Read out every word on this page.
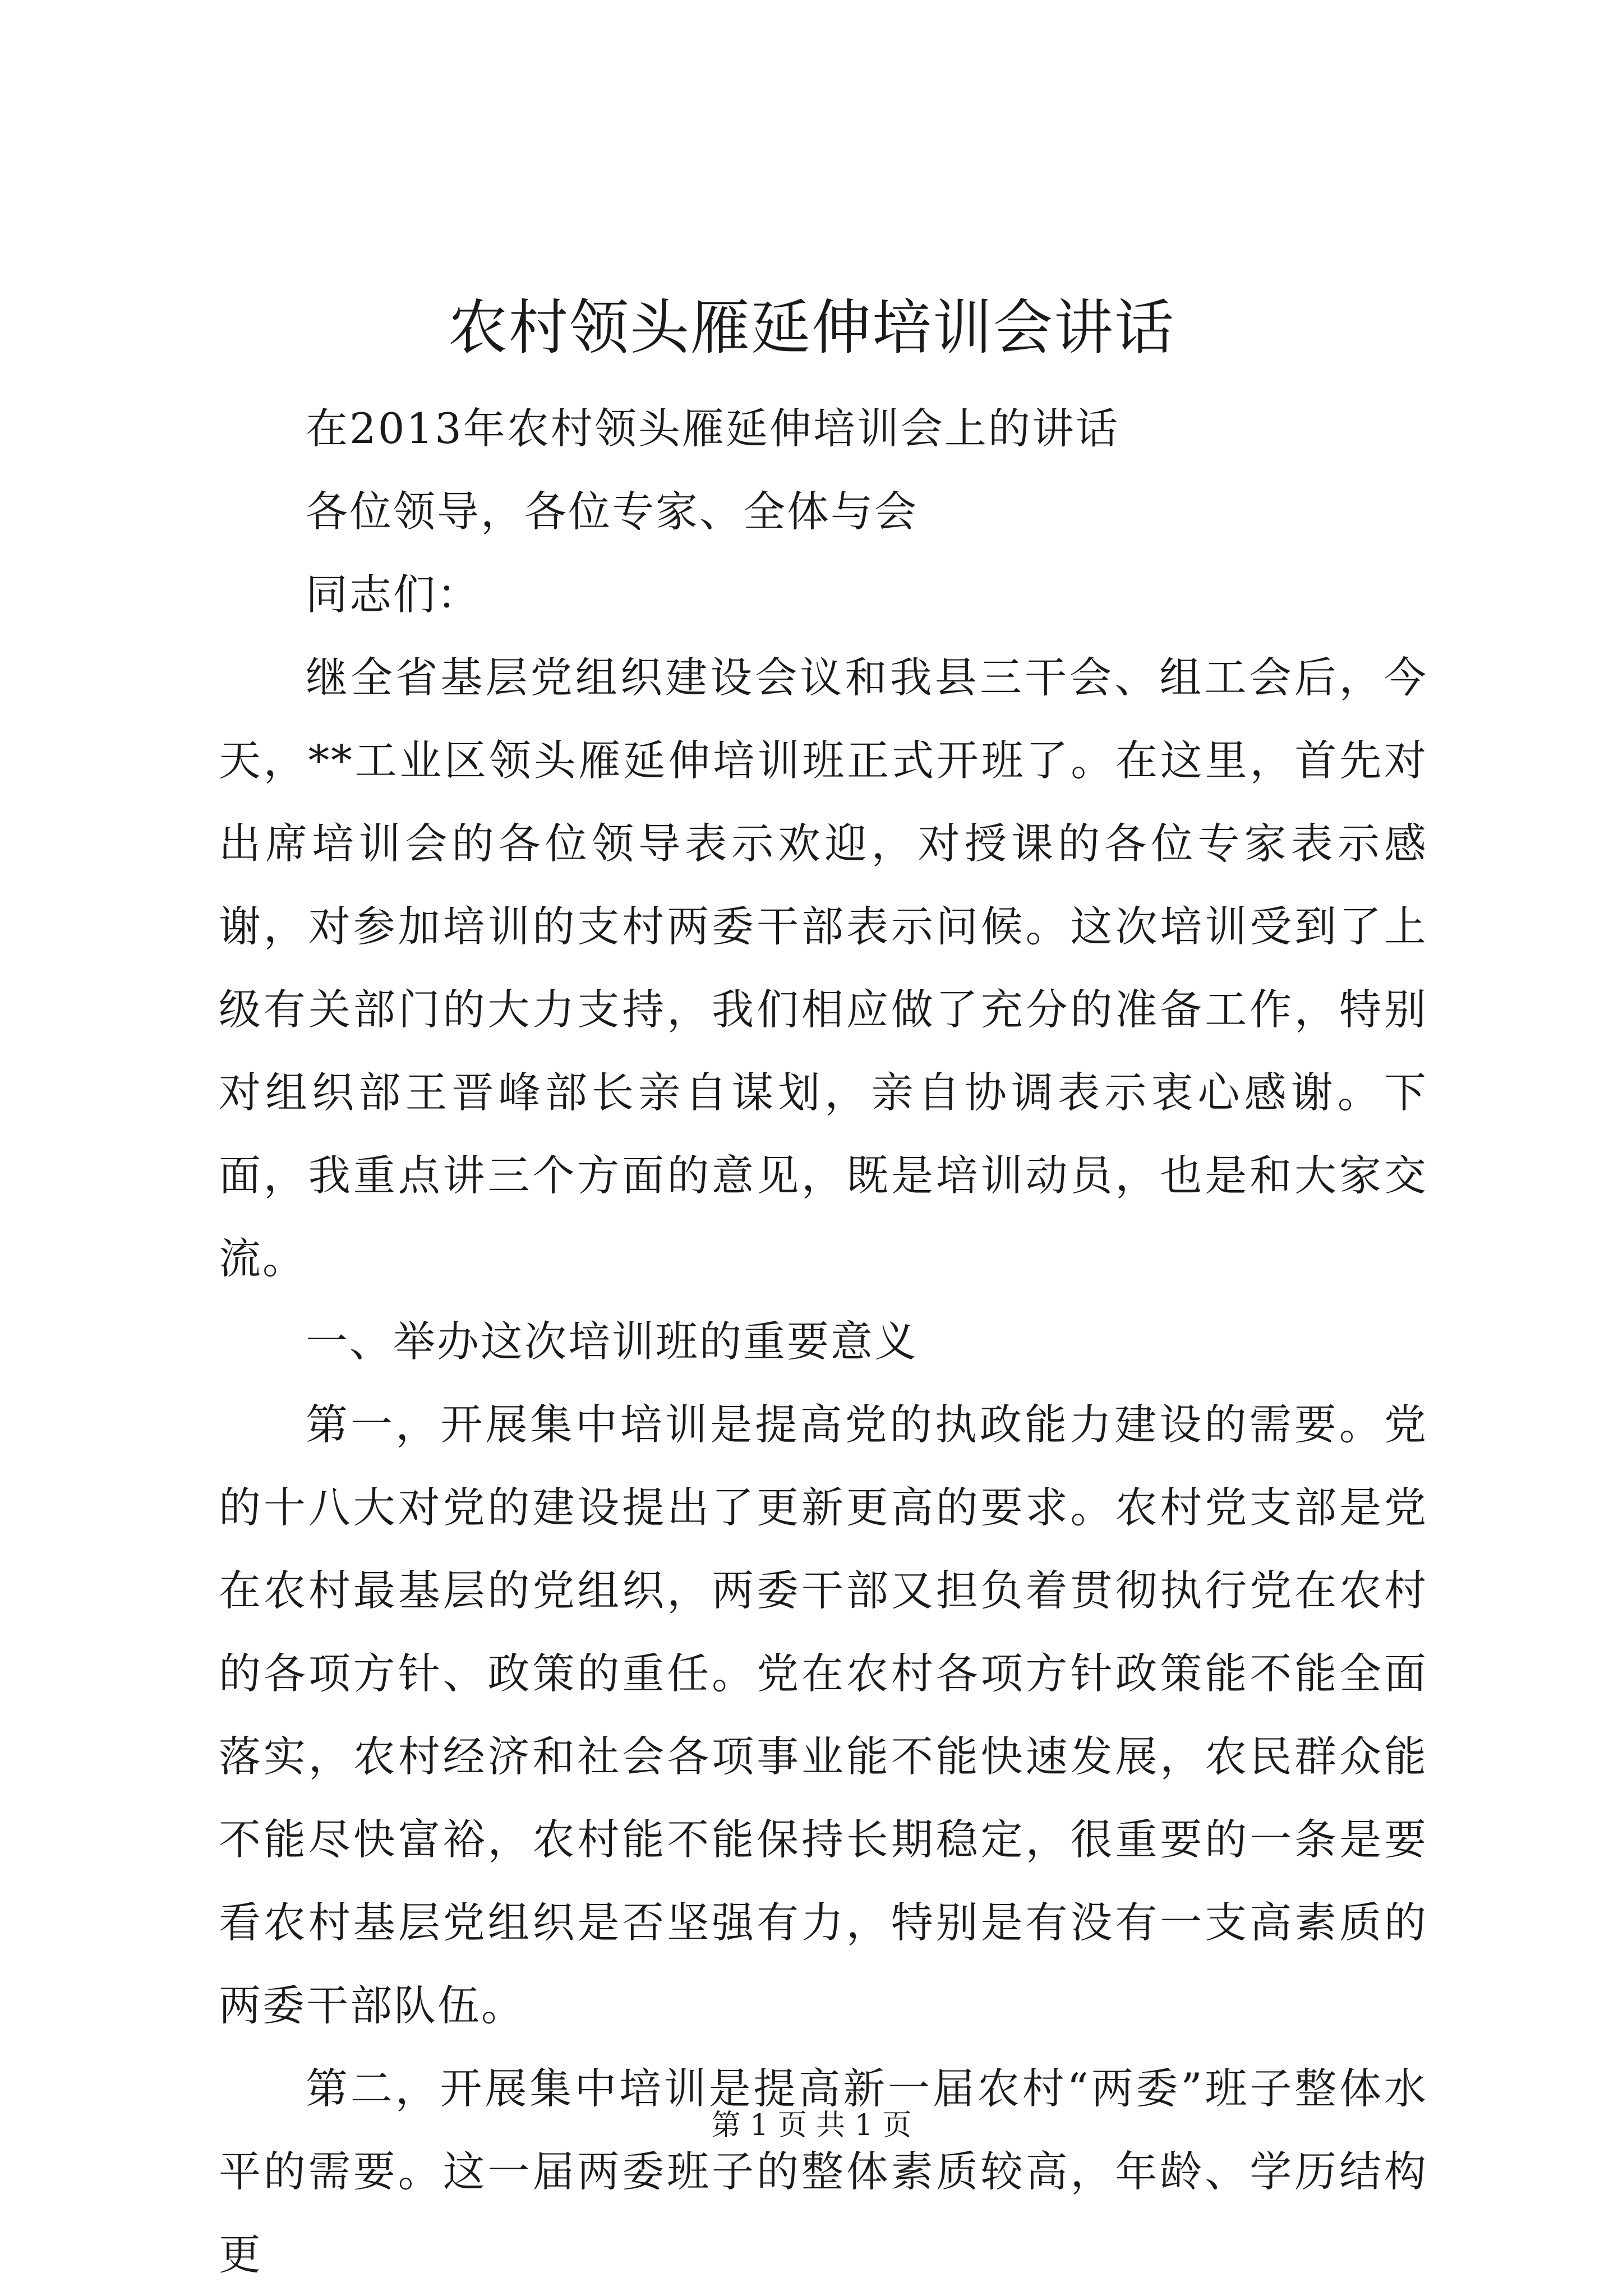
农村领头雁延伸培训会讲话

在2013年农村领头雁延伸培训会上的讲话

各位领导，各位专家、全体与会

同志们：

继全省基层党组织建设会议和我县三干会、组工会后，今天，**工业区领头雁延伸培训班正式开班了。在这里，首先对出席培训会的各位领导表示欢迎，对授课的各位专家表示感谢，对参加培训的支村两委干部表示问候。这次培训受到了上级有关部门的大力支持，我们相应做了充分的准备工作，特别对组织部王晋峰部长亲自谋划，亲自协调表示衷心感谢。下面，我重点讲三个方面的意见，既是培训动员，也是和大家交流。

一、举办这次培训班的重要意义

第一，开展集中培训是提高党的执政能力建设的需要。党的十八大对党的建设提出了更新更高的要求。农村党支部是党在农村最基层的党组织，两委干部又担负着贯彻执行党在农村的各项方针、政策的重任。党在农村各项方针政策能不能全面落实，农村经济和社会各项事业能不能快速发展，农民群众能不能尽快富裕，农村能不能保持长期稳定，很重要的一条是要看农村基层党组织是否坚强有力，特别是有没有一支高素质的两委干部队伍。

第二，开展集中培训是提高新一届农村“两委”班子整体水平的需要。这一届两委班子的整体素质较高，年龄、学历结构更

第 1 页 共 1 页
